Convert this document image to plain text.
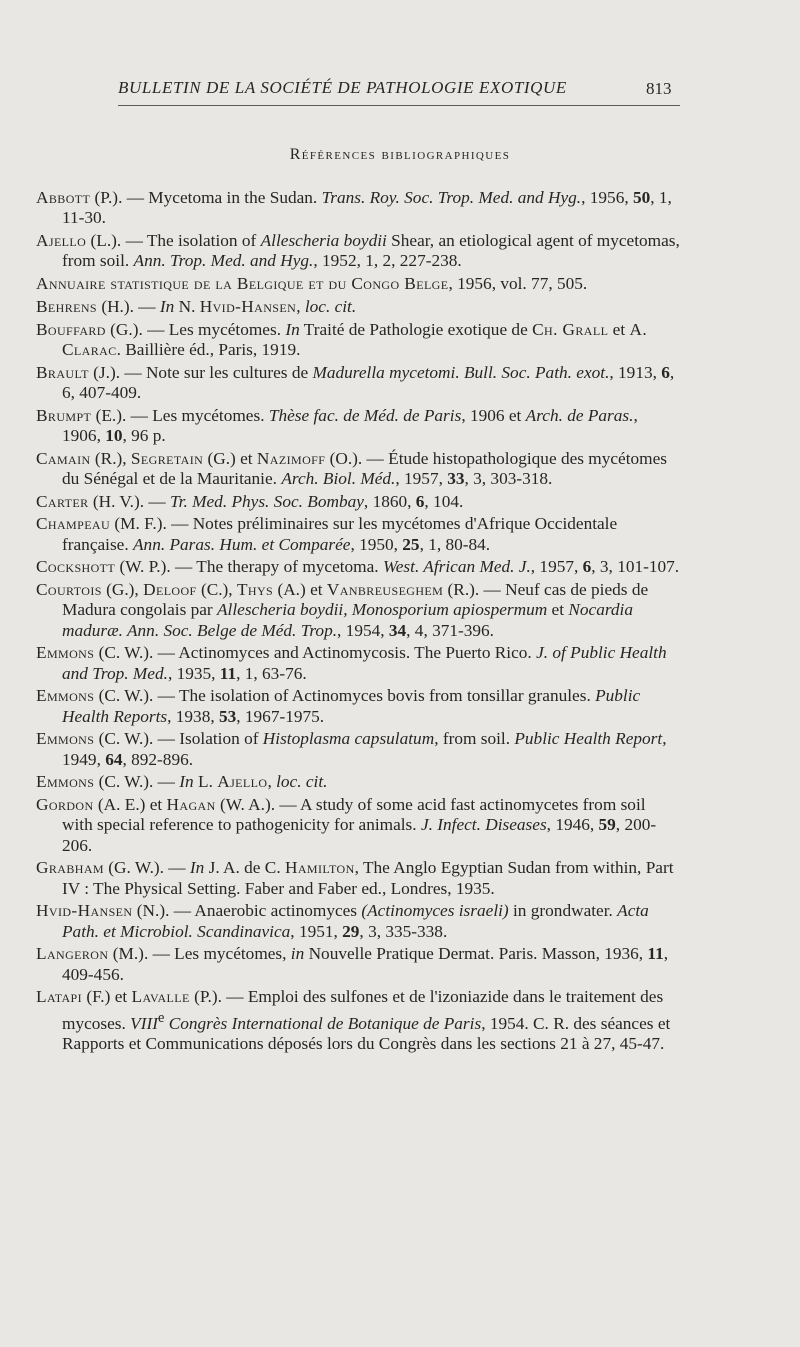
BULLETIN DE LA SOCIÉTÉ DE PATHOLOGIE EXOTIQUE	813
Références bibliographiques
Abbott (P.). — Mycetoma in the Sudan. Trans. Roy. Soc. Trop. Med. and Hyg., 1956, 50, 1, 11-30.
Ajello (L.). — The isolation of Allescheria boydii Shear, an etiological agent of mycetomas, from soil. Ann. Trop. Med. and Hyg., 1952, 1, 2, 227-238.
Annuaire statistique de la Belgique et du Congo Belge, 1956, vol. 77, 505.
Behrens (H.). — In N. Hvid-Hansen, loc. cit.
Bouffard (G.). — Les mycétomes. In Traité de Pathologie exotique de Ch. Grall et A. Clarac. Baillière éd., Paris, 1919.
Brault (J.). — Note sur les cultures de Madurella mycetomi. Bull. Soc. Path. exot., 1913, 6, 6, 407-409.
Brumpt (E.). — Les mycétomes. Thèse fac. de Méd. de Paris, 1906 et Arch. de Paras., 1906, 10, 96 p.
Camain (R.), Segretain (G.) et Nazimoff (O.). — Étude histopathologique des mycétomes du Sénégal et de la Mauritanie. Arch. Biol. Méd., 1957, 33, 3, 303-318.
Carter (H. V.). — Tr. Med. Phys. Soc. Bombay, 1860, 6, 104.
Champeau (M. F.). — Notes préliminaires sur les mycétomes d'Afrique Occidentale française. Ann. Paras. Hum. et Comparée, 1950, 25, 1, 80-84.
Cockshott (W. P.). — The therapy of mycetoma. West. African Med. J., 1957, 6, 3, 101-107.
Courtois (G.), Deloof (C.), Thys (A.) et Vanbreuseghem (R.). — Neuf cas de pieds de Madura congolais par Allescheria boydii, Monosporium apiospermum et Nocardia maduræ. Ann. Soc. Belge de Méd. Trop., 1954, 34, 4, 371-396.
Emmons (C. W.). — Actinomyces and Actinomycosis. The Puerto Rico. J. of Public Health and Trop. Med., 1935, 11, 1, 63-76.
Emmons (C. W.). — The isolation of Actinomyces bovis from tonsillar granules. Public Health Reports, 1938, 53, 1967-1975.
Emmons (C. W.). — Isolation of Histoplasma capsulatum, from soil. Public Health Report, 1949, 64, 892-896.
Emmons (C. W.). — In L. Ajello, loc. cit.
Gordon (A. E.) et Hagan (W. A.). — A study of some acid fast actinomycetes from soil with special reference to pathogenicity for animals. J. Infect. Diseases, 1946, 59, 200-206.
Grabham (G. W.). — In J. A. de C. Hamilton, The Anglo Egyptian Sudan from within, Part IV : The Physical Setting. Faber and Faber ed., Londres, 1935.
Hvid-Hansen (N.). — Anaerobic actinomyces (Actinomyces israeli) in grondwater. Acta Path. et Microbiol. Scandinavica, 1951, 29, 3, 335-338.
Langeron (M.). — Les mycétomes, in Nouvelle Pratique Dermat. Paris. Masson, 1936, 11, 409-456.
Latapi (F.) et Lavalle (P.). — Emploi des sulfones et de l'izoniazide dans le traitement des mycoses. VIIIe Congrès International de Botanique de Paris, 1954. C. R. des séances et Rapports et Communications déposés lors du Congrès dans les sections 21 à 27, 45-47.
